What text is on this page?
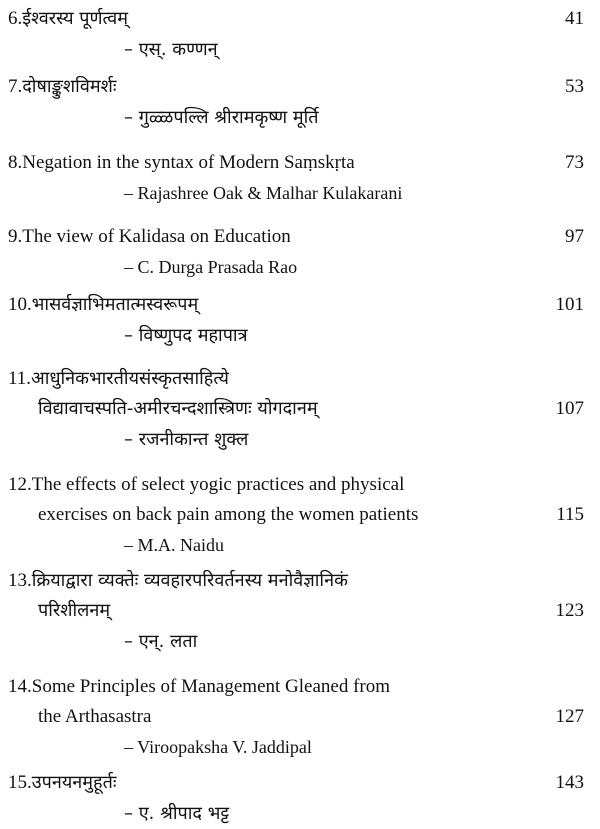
6.ईश्वरस्य पूर्णत्वम्	41
– एस्. कण्णन्
7.दोषाङ्कुशविमर्शः	53
– गुळ्ळपल्लि श्रीरामकृष्ण मूर्ति
8.Negation in the syntax of Modern Saṃskṛta	73
– Rajashree Oak & Malhar Kulakarani
9.The view of Kalidasa on Education	97
– C. Durga Prasada Rao
10.भासर्वज्ञाभिमतात्मस्वरूपम्	101
– विष्णुपद महापात्र
11.आधुनिकभारतीयसंस्कृतसाहित्ये
विद्यावाचस्पति-अमीरचन्दशास्त्रिणः योगदानम्	107
– रजनीकान्त शुक्ल
12.The effects of select yogic practices and physical
exercises on back pain among the women patients	115
– M.A. Naidu
13.क्रियाद्वारा व्यक्तेः व्यवहारपरिवर्तनस्य मनोवैज्ञानिकं
परिशीलनम्	123
– एन्. लता
14.Some Principles of Management Gleaned from
the Arthasastra	127
– Viroopaksha V. Jaddipal
15.उपनयनमुहूर्तः	143
– ए. श्रीपाद भट्ट
